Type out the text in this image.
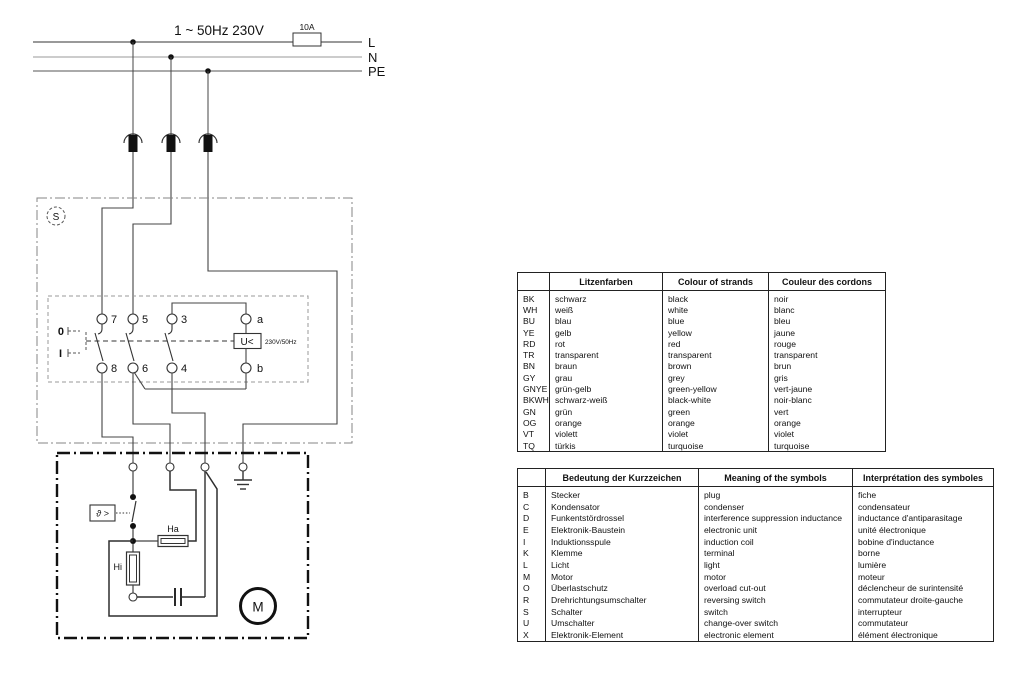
1 ~ 50Hz 230V
L
N
PE
10A
S
7 5	3	a
8 6	4	b
0
I
U< 230V/50Hz
ϑ >
Ha
Hi
M
	Litzenfarben	Colour of strands	Couleur des cordons
BK	schwarz	black	noir
WH	weiß	white	blanc
BU	blau	blue	bleu
YE	gelb	yellow	jaune
RD	rot	red	rouge
TR	transparent	transparent	transparent
BN	braun	brown	brun
GY	grau	grey	gris
GNYE	grün-gelb	green-yellow	vert-jaune
BKWH	schwarz-weiß	black-white	noir-blanc
GN	grün	green	vert
OG	orange	orange	orange
VT	violett	violet	violet
TQ	türkis	turquoise	turquoise
	Bedeutung der Kurzzeichen	Meaning of the symbols	Interprétation des symboles
B	Stecker	plug	fiche
C	Kondensator	condenser	condensateur
D	Funkentstördrossel	interference suppression inductance	inductance d'antiparasitage
E	Elektronik-Baustein	electronic unit	unité électronique
I	Induktionsspule	induction coil	bobine d'inductance
K	Klemme	terminal	borne
L	Licht	light	lumière
M	Motor	motor	moteur
O	Überlastschutz	overload cut-out	déclencheur de surintensité
R	Drehrichtungsumschalter	reversing switch	commutateur droite-gauche
S	Schalter	switch	interrupteur
U	Umschalter	change-over switch	commutateur
X	Elektronik-Element	electronic element	élément électronique
